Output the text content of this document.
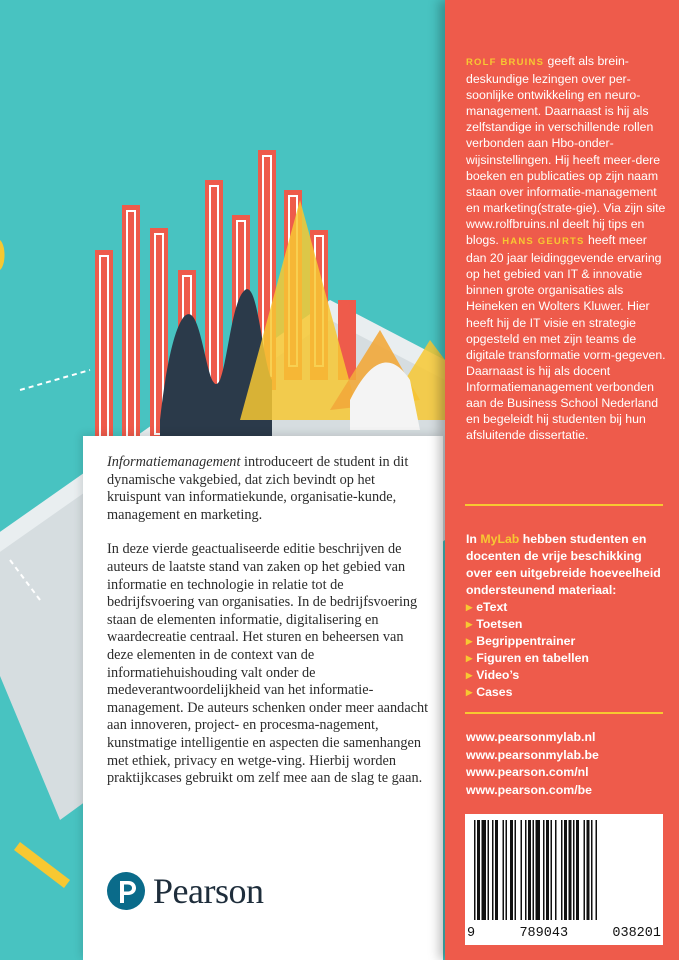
Informatiemanagement introduceert de student in dit dynamische vakgebied, dat zich bevindt op het kruispunt van informatiekunde, organisatie-kunde, management en marketing.

In deze vierde geactualiseerde editie beschrijven de auteurs de laatste stand van zaken op het gebied van informatie en technologie in relatie tot de bedrijfsvoering van organisaties. In de bedrijfsvoering staan de elementen informatie, digitalisering en waardecreatie centraal. Het sturen en beheersen van deze elementen in de context van de informatiehuishouding valt onder de medeverantwoordelijkheid van het informatie-management. De auteurs schenken onder meer aandacht aan innoveren, project- en procesma-nagement, kunstmatige intelligentie en aspecten die samenhangen met ethiek, privacy en wetge-ving. Hierbij worden praktijkcases gebruikt om zelf mee aan de slag te gaan.

Pearson
ROLF BRUINS geeft als brein-deskundige lezingen over per-soonlijke ontwikkeling en neuro-management. Daarnaast is hij als zelfstandige in verschillende rollen verbonden aan Hbo-onder-wijsinstellingen. Hij heeft meer-dere boeken en publicaties op zijn naam staan over informatie-management en marketing(strate-gie). Via zijn site www.rolfbruins.nl deelt hij tips en blogs. HANS GEURTS heeft meer dan 20 jaar leidinggevende ervaring op het gebied van IT & innovatie binnen grote organisaties als Heineken en Wolters Kluwer. Hier heeft hij de IT visie en strategie opgesteld en met zijn teams de digitale transformatie vorm-gegeven. Daarnaast is hij als docent Informatiemanagement verbonden aan de Business School Nederland en begeleidt hij studenten bij hun afsluitende dissertatie.
In MyLab hebben studenten en docenten de vrije beschikking over een uitgebreide hoeveelheid ondersteunend materiaal:
▸ eText
▸ Toetsen
▸ Begrippentrainer
▸ Figuren en tabellen
▸ Video’s
▸ Cases
www.pearsonmylab.nl
www.pearsonmylab.be
www.pearson.com/nl
www.pearson.com/be
9	789043	038201
